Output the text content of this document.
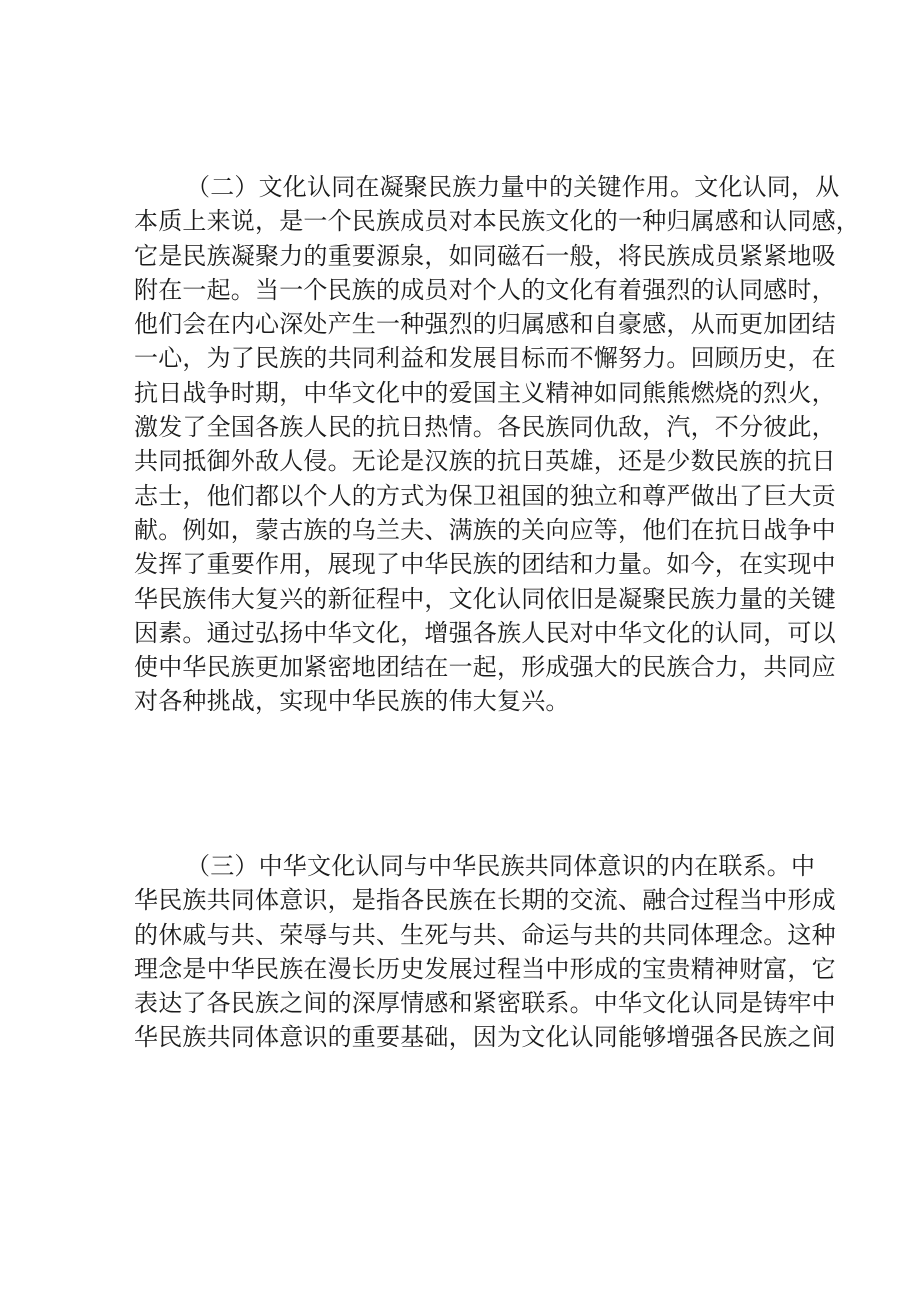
（二）文化认同在凝聚民族力量中的关键作用。文化认同，从
本质上来说，是一个民族成员对本民族文化的一种归属感和认同感，
它是民族凝聚力的重要源泉，如同磁石一般，将民族成员紧紧地吸
附在一起。当一个民族的成员对个人的文化有着强烈的认同感时，
他们会在内心深处产生一种强烈的归属感和自豪感，从而更加团结
一心，为了民族的共同利益和发展目标而不懈努力。回顾历史，在
抗日战争时期，中华文化中的爱国主义精神如同熊熊燃烧的烈火，
激发了全国各族人民的抗日热情。各民族同仇敌，汽，不分彼此，
共同抵御外敌人侵。无论是汉族的抗日英雄，还是少数民族的抗日
志士，他们都以个人的方式为保卫祖国的独立和尊严做出了巨大贡
献。例如，蒙古族的乌兰夫、满族的关向应等，他们在抗日战争中
发挥了重要作用，展现了中华民族的团结和力量。如今，在实现中
华民族伟大复兴的新征程中，文化认同依旧是凝聚民族力量的关键
因素。通过弘扬中华文化，增强各族人民对中华文化的认同，可以
使中华民族更加紧密地团结在一起，形成强大的民族合力，共同应
对各种挑战，实现中华民族的伟大复兴。
（三）中华文化认同与中华民族共同体意识的内在联系。中
华民族共同体意识，是指各民族在长期的交流、融合过程当中形成
的休戚与共、荣辱与共、生死与共、命运与共的共同体理念。这种
理念是中华民族在漫长历史发展过程当中形成的宝贵精神财富，它
表达了各民族之间的深厚情感和紧密联系。中华文化认同是铸牢中
华民族共同体意识的重要基础，因为文化认同能够增强各民族之间
